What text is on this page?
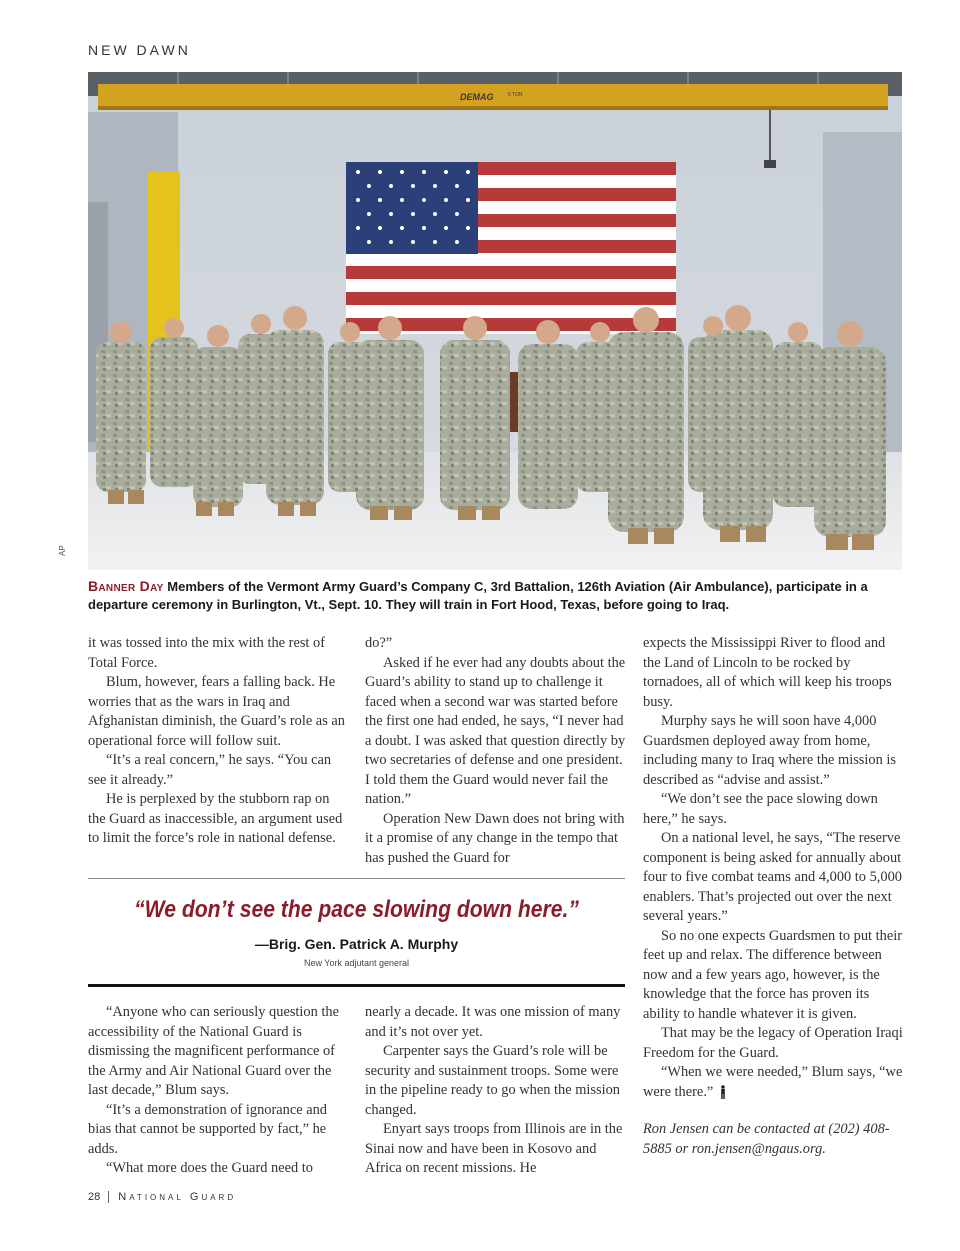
NEW DAWN
DEMAG	5 TON
AP
Banner Day Members of the Vermont Army Guard’s Company C, 3rd Battalion, 126th Aviation (Air Ambulance), participate in a departure ceremony in Burlington, Vt., Sept. 10. They will train in Fort Hood, Texas, before going to Iraq.

it was tossed into the mix with the rest of Total Force.

Blum, however, fears a falling back. He worries that as the wars in Iraq and Afghanistan diminish, the Guard’s role as an operational force will follow suit.

“It’s a real concern,” he says. “You can see it already.”

He is perplexed by the stubborn rap on the Guard as inaccessible, an argument used to limit the force’s role in national defense.

do?”

Asked if he ever had any doubts about the Guard’s ability to stand up to challenge it faced when a second war was started before the first one had ended, he says, “I never had a doubt. I was asked that question directly by two secretaries of defense and one president. I told them the Guard would never fail the nation.”

Operation New Dawn does not bring with it a promise of any change in the tempo that has pushed the Guard for

“We don’t see the pace slowing down here.”
—Brig. Gen. Patrick A. Murphy
New York adjutant general

“Anyone who can seriously question the accessibility of the National Guard is dismissing the magnificent performance of the Army and Air National Guard over the last decade,” Blum says.

“It’s a demonstration of ignorance and bias that cannot be supported by fact,” he adds.

“What more does the Guard need to

nearly a decade. It was one mission of many and it’s not over yet.

Carpenter says the Guard’s role will be security and sustainment troops. Some were in the pipeline ready to go when the mission changed.

Enyart says troops from Illinois are in the Sinai now and have been in Kosovo and Africa on recent missions. He

expects the Mississippi River to flood and the Land of Lincoln to be rocked by tornadoes, all of which will keep his troops busy.

Murphy says he will soon have 4,000 Guardsmen deployed away from home, including many to Iraq where the mission is described as “advise and assist.”

“We don’t see the pace slowing down here,” he says.

On a national level, he says, “The reserve component is being asked for annually about four to five combat teams and 4,000 to 5,000 enablers. That’s projected out over the next several years.”

So no one expects Guardsmen to put their feet up and relax. The difference between now and a few years ago, however, is the knowledge that the force has proven its ability to handle whatever it is given.

That may be the legacy of Operation Iraqi Freedom for the Guard.

“When we were needed,” Blum says, “we were there.”

Ron Jensen can be contacted at (202) 408-5885 or ron.jensen@ngaus.org.

28 National Guard
